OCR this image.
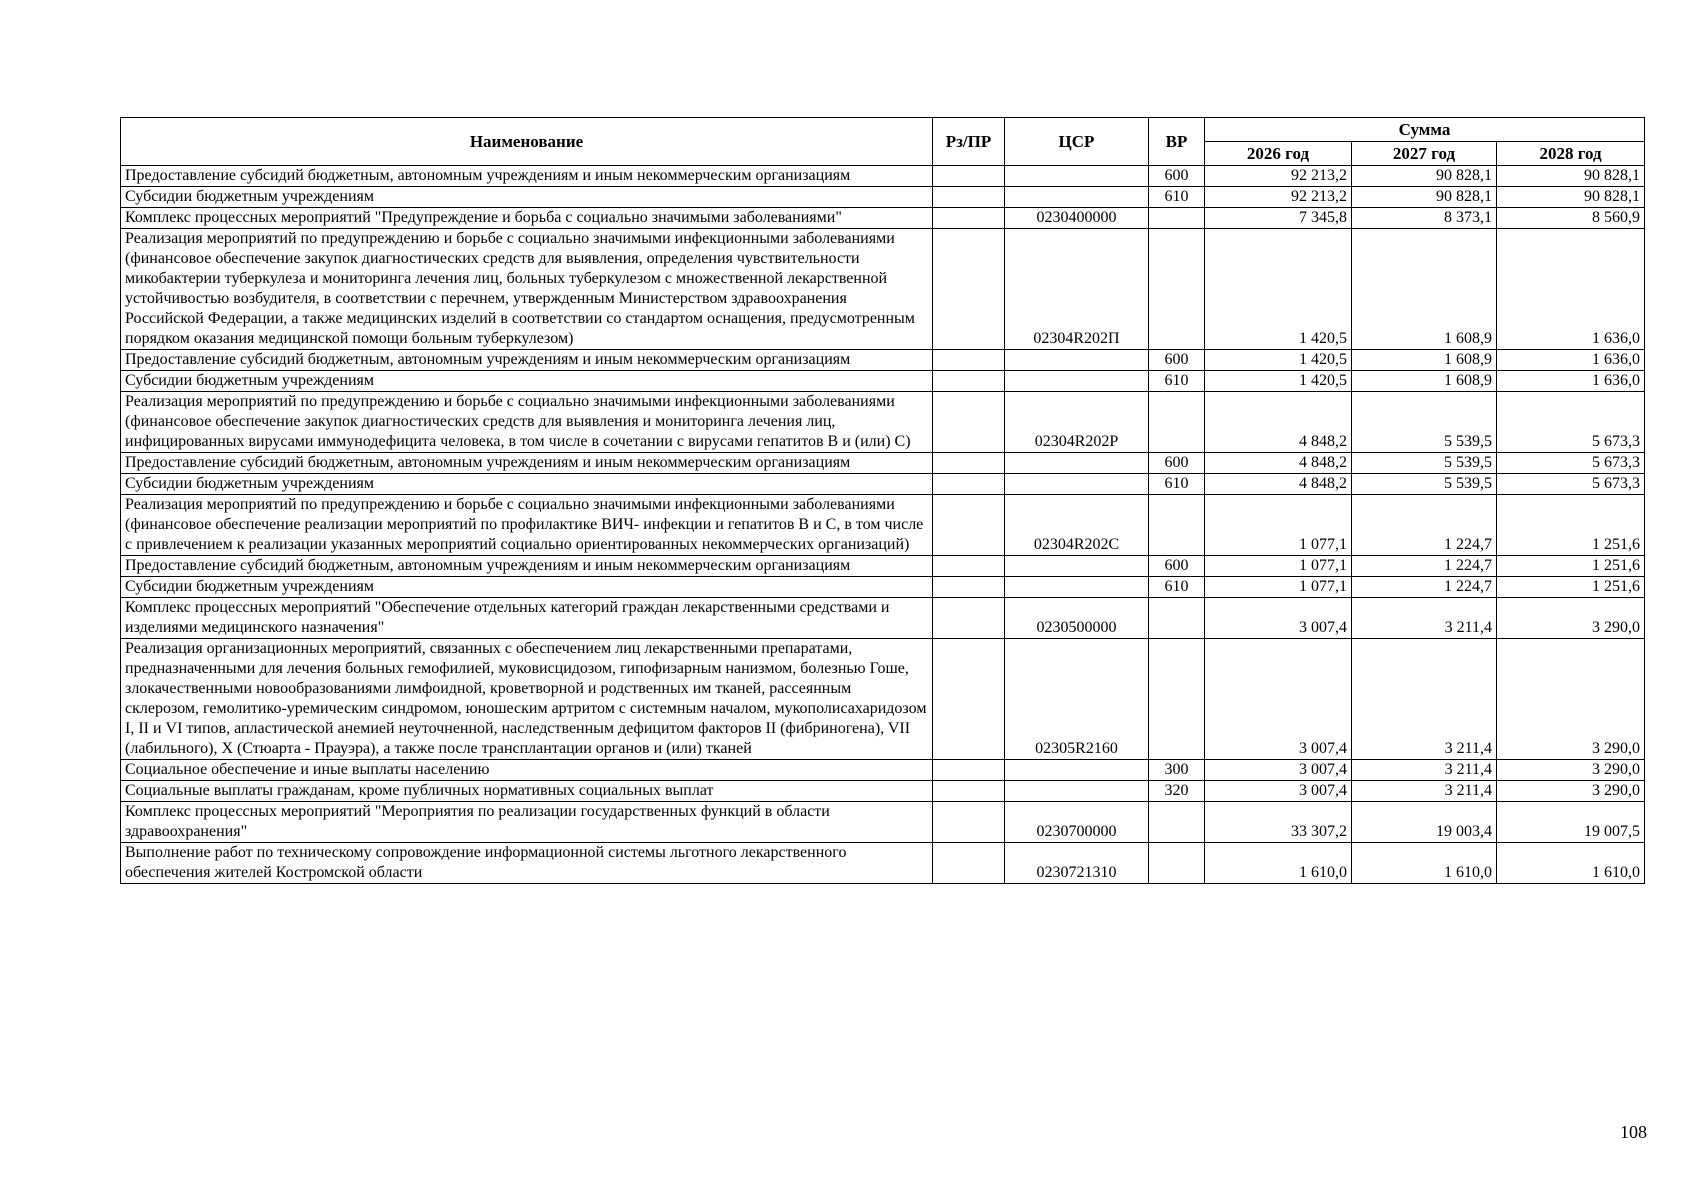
Наименование	Рз/ПР	ЦСР	ВР	Сумма		
				2026 год	2027 год	2028 год
Предоставление субсидий бюджетным, автономным учреждениям и иным некоммерческим организациям			600	92 213,2	90 828,1	90 828,1
Субсидии бюджетным учреждениям			610	92 213,2	90 828,1	90 828,1
Комплекс процессных мероприятий "Предупреждение и борьба с социально значимыми заболеваниями"		0230400000		7 345,8	8 373,1	8 560,9
Реализация мероприятий по предупреждению и борьбе с социально значимыми инфекционными заболеваниями (финансовое обеспечение закупок диагностических средств для выявления, определения чувствительности микобактерии туберкулеза и мониторинга лечения лиц, больных туберкулезом с множественной лекарственной устойчивостью возбудителя, в соответствии с перечнем, утвержденным Министерством здравоохранения Российской Федерации, а также медицинских изделий в соответствии со стандартом оснащения, предусмотренным порядком оказания медицинской помощи больным туберкулезом)		02304R202П		1 420,5	1 608,9	1 636,0
Предоставление субсидий бюджетным, автономным учреждениям и иным некоммерческим организациям			600	1 420,5	1 608,9	1 636,0
Субсидии бюджетным учреждениям			610	1 420,5	1 608,9	1 636,0
Реализация мероприятий по предупреждению и борьбе с социально значимыми инфекционными заболеваниями (финансовое обеспечение закупок диагностических средств для выявления и мониторинга лечения лиц, инфицированных вирусами иммунодефицита человека, в том числе в сочетании с вирусами гепатитов В и (или) С)		02304R202P		4 848,2	5 539,5	5 673,3
Предоставление субсидий бюджетным, автономным учреждениям и иным некоммерческим организациям			600	4 848,2	5 539,5	5 673,3
Субсидии бюджетным учреждениям			610	4 848,2	5 539,5	5 673,3
Реализация мероприятий по предупреждению и борьбе с социально значимыми инфекционными заболеваниями (финансовое обеспечение реализации мероприятий по профилактике ВИЧ- инфекции и гепатитов В и С, в том числе с привлечением к реализации указанных мероприятий социально ориентированных некоммерческих организаций)		02304R202C		1 077,1	1 224,7	1 251,6
Предоставление субсидий бюджетным, автономным учреждениям и иным некоммерческим организациям			600	1 077,1	1 224,7	1 251,6
Субсидии бюджетным учреждениям			610	1 077,1	1 224,7	1 251,6
Комплекс процессных мероприятий "Обеспечение отдельных категорий граждан лекарственными средствами и изделиями медицинского назначения"		0230500000		3 007,4	3 211,4	3 290,0
Реализация организационных мероприятий, связанных с обеспечением лиц лекарственными препаратами, предназначенными для лечения больных гемофилией, муковисцидозом, гипофизарным нанизмом, болезнью Гоше, злокачественными новообразованиями лимфоидной, кроветворной и родственных им тканей, рассеянным склерозом, гемолитико-уремическим синдромом, юношеским артритом с системным началом, мукополисахаридозом I, II и VI типов, апластической анемией неуточненной, наследственным дефицитом факторов II (фибриногена), VII (лабильного), X (Стюарта - Прауэра), а также после трансплантации органов и (или) тканей		02305R2160		3 007,4	3 211,4	3 290,0
Социальное обеспечение и иные выплаты населению			300	3 007,4	3 211,4	3 290,0
Социальные выплаты гражданам, кроме публичных нормативных социальных выплат			320	3 007,4	3 211,4	3 290,0
Комплекс процессных мероприятий "Мероприятия по реализации государственных функций в области здравоохранения"		0230700000		33 307,2	19 003,4	19 007,5
Выполнение работ по техническому сопровождение информационной системы льготного лекарственного обеспечения жителей Костромской области		0230721310		1 610,0	1 610,0	1 610,0
108
